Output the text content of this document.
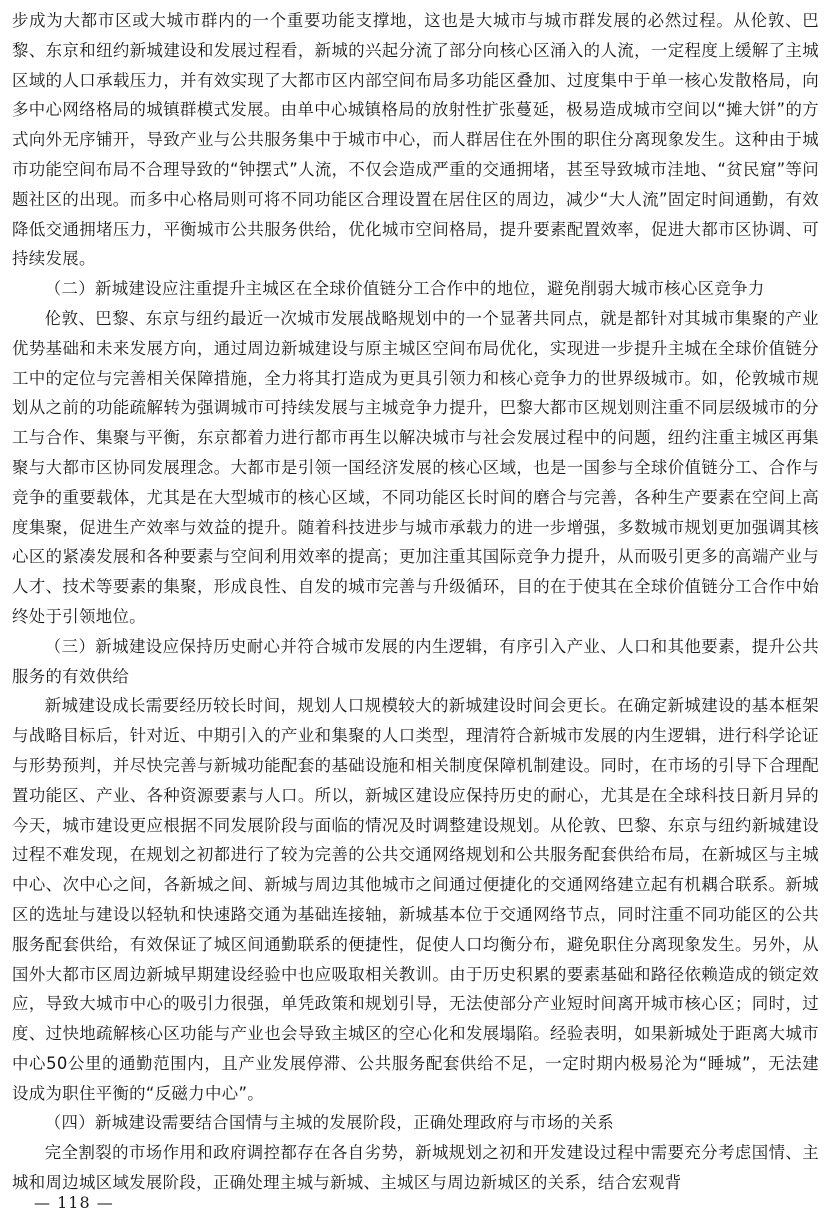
步成为大都市区或大城市群内的一个重要功能支撑地，这也是大城市与城市群发展的必然过程。从伦敦、巴黎、东京和纽约新城建设和发展过程看，新城的兴起分流了部分向核心区涌入的人流，一定程度上缓解了主城区域的人口承载压力，并有效实现了大都市区内部空间布局多功能区叠加、过度集中于单一核心发散格局，向多中心网络格局的城镇群模式发展。由单中心城镇格局的放射性扩张蔓延，极易造成城市空间以“摊大饼”的方式向外无序铺开，导致产业与公共服务集中于城市中心，而人群居住在外围的职住分离现象发生。这种由于城市功能空间布局不合理导致的“钟摆式”人流，不仅会造成严重的交通拥堵，甚至导致城市洼地、“贫民窟”等问题社区的出现。而多中心格局则可将不同功能区合理设置在居住区的周边，减少“大人流”固定时间通勤，有效降低交通拥堵压力，平衡城市公共服务供给，优化城市空间格局，提升要素配置效率，促进大都市区协调、可持续发展。

（二）新城建设应注重提升主城区在全球价值链分工合作中的地位，避免削弱大城市核心区竞争力

伦敦、巴黎、东京与纽约最近一次城市发展战略规划中的一个显著共同点，就是都针对其城市集聚的产业优势基础和未来发展方向，通过周边新城建设与原主城区空间布局优化，实现进一步提升主城在全球价值链分工中的定位与完善相关保障措施，全力将其打造成为更具引领力和核心竞争力的世界级城市。如，伦敦城市规划从之前的功能疏解转为强调城市可持续发展与主城竞争力提升，巴黎大都市区规划则注重不同层级城市的分工与合作、集聚与平衡，东京都着力进行都市再生以解决城市与社会发展过程中的问题，纽约注重主城区再集聚与大都市区协同发展理念。大都市是引领一国经济发展的核心区域，也是一国参与全球价值链分工、合作与竞争的重要载体，尤其是在大型城市的核心区域，不同功能区长时间的磨合与完善，各种生产要素在空间上高度集聚，促进生产效率与效益的提升。随着科技进步与城市承载力的进一步增强，多数城市规划更加强调其核心区的紧凑发展和各种要素与空间利用效率的提高；更加注重其国际竞争力提升，从而吸引更多的高端产业与人才、技术等要素的集聚，形成良性、自发的城市完善与升级循环，目的在于使其在全球价值链分工合作中始终处于引领地位。

（三）新城建设应保持历史耐心并符合城市发展的内生逻辑，有序引入产业、人口和其他要素，提升公共服务的有效供给

新城建设成长需要经历较长时间，规划人口规模较大的新城建设时间会更长。在确定新城建设的基本框架与战略目标后，针对近、中期引入的产业和集聚的人口类型，理清符合新城市发展的内生逻辑，进行科学论证与形势预判，并尽快完善与新城功能配套的基础设施和相关制度保障机制建设。同时，在市场的引导下合理配置功能区、产业、各种资源要素与人口。所以，新城区建设应保持历史的耐心，尤其是在全球科技日新月异的今天，城市建设更应根据不同发展阶段与面临的情况及时调整建设规划。从伦敦、巴黎、东京与纽约新城建设过程不难发现，在规划之初都进行了较为完善的公共交通网络规划和公共服务配套供给布局，在新城区与主城中心、次中心之间，各新城之间、新城与周边其他城市之间通过便捷化的交通网络建立起有机耦合联系。新城区的选址与建设以轻轨和快速路交通为基础连接轴，新城基本位于交通网络节点，同时注重不同功能区的公共服务配套供给，有效保证了城区间通勤联系的便捷性，促使人口均衡分布，避免职住分离现象发生。另外，从国外大都市区周边新城早期建设经验中也应吸取相关教训。由于历史积累的要素基础和路径依赖造成的锁定效应，导致大城市中心的吸引力很强，单凭政策和规划引导，无法使部分产业短时间离开城市核心区；同时，过度、过快地疏解核心区功能与产业也会导致主城区的空心化和发展塌陷。经验表明，如果新城处于距离大城市中心50公里的通勤范围内，且产业发展停滞、公共服务配套供给不足，一定时期内极易沦为“睡城”，无法建设成为职住平衡的“反磁力中心”。

（四）新城建设需要结合国情与主城的发展阶段，正确处理政府与市场的关系

完全割裂的市场作用和政府调控都存在各自劣势，新城规划之初和开发建设过程中需要充分考虑国情、主城和周边城区域发展阶段，正确处理主城与新城、主城区与周边新城区的关系，结合宏观背

— 118 —
